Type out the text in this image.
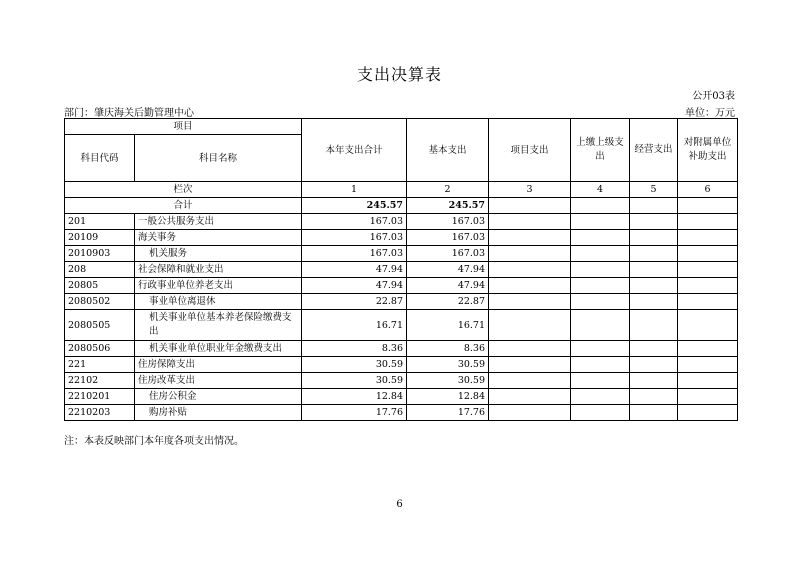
支出决算表
公开03表
部门：肇庆海关后勤管理中心	单位：万元
项目		本年支出合计	基本支出	项目支出	上缴上级支出	经营支出	对附属单位补助支出
科目代码	科目名称						
栏次		1	2	3	4	5	6
合计		245.57	245.57				
201	一般公共服务支出	167.03	167.03				
20109	海关事务	167.03	167.03				
2010903	机关服务	167.03	167.03				
208	社会保障和就业支出	47.94	47.94				
20805	行政事业单位养老支出	47.94	47.94				
2080502	事业单位离退休	22.87	22.87				
2080505	机关事业单位基本养老保险缴费支出	16.71	16.71				
2080506	机关事业单位职业年金缴费支出	8.36	8.36				
221	住房保障支出	30.59	30.59				
22102	住房改革支出	30.59	30.59				
2210201	住房公积金	12.84	12.84				
2210203	购房补贴	17.76	17.76				
注：本表反映部门本年度各项支出情况。
6
